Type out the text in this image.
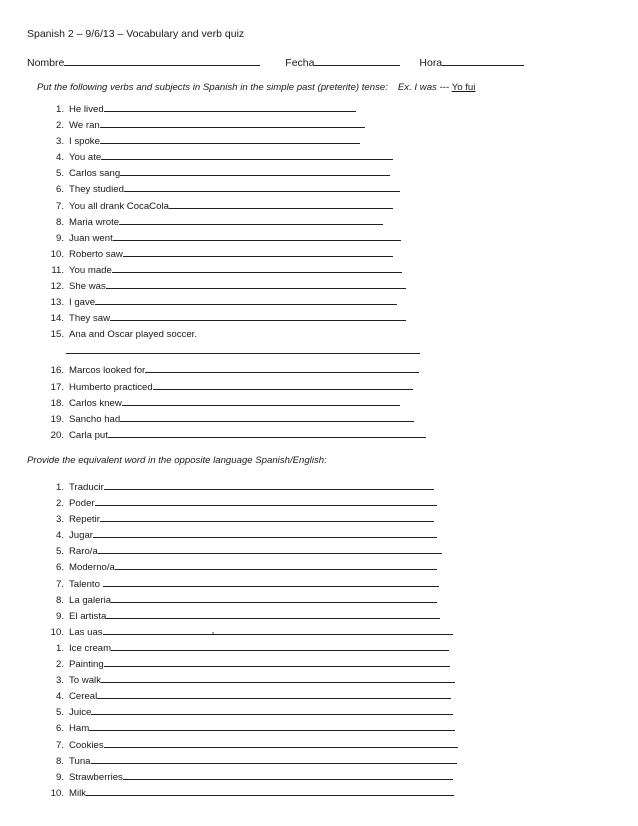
Spanish 2 – 9/6/13 – Vocabulary and verb quiz
Nombre	Fecha	Hora
Put the following verbs and subjects in Spanish in the simple past (preterite) tense: Ex. I was --- Yo fui
1. He lived
2. We ran
3. I spoke
4. You ate
5. Carlos sang
6. They studied
7. You all drank CocaCola
8. Maria wrote
9. Juan went
10. Roberto saw
11. You made
12. She was
13. I gave
14. They saw
15. Ana and Oscar played soccer.
16. Marcos looked for
17. Humberto practiced
18. Carlos knew
19. Sancho had
20. Carla put
Provide the equivalent word in the opposite language Spanish/English:
1. Traducir
2. Poder
3. Repetir
4. Jugar
5. Raro/a
6. Moderno/a
7. Talento
8. La galeria
9. El artista
10. Las uas
1. Ice cream
2. Painting
3. To walk
4. Cereal
5. Juice
6. Ham
7. Cookies
8. Tuna
9. Strawberries
10. Milk
